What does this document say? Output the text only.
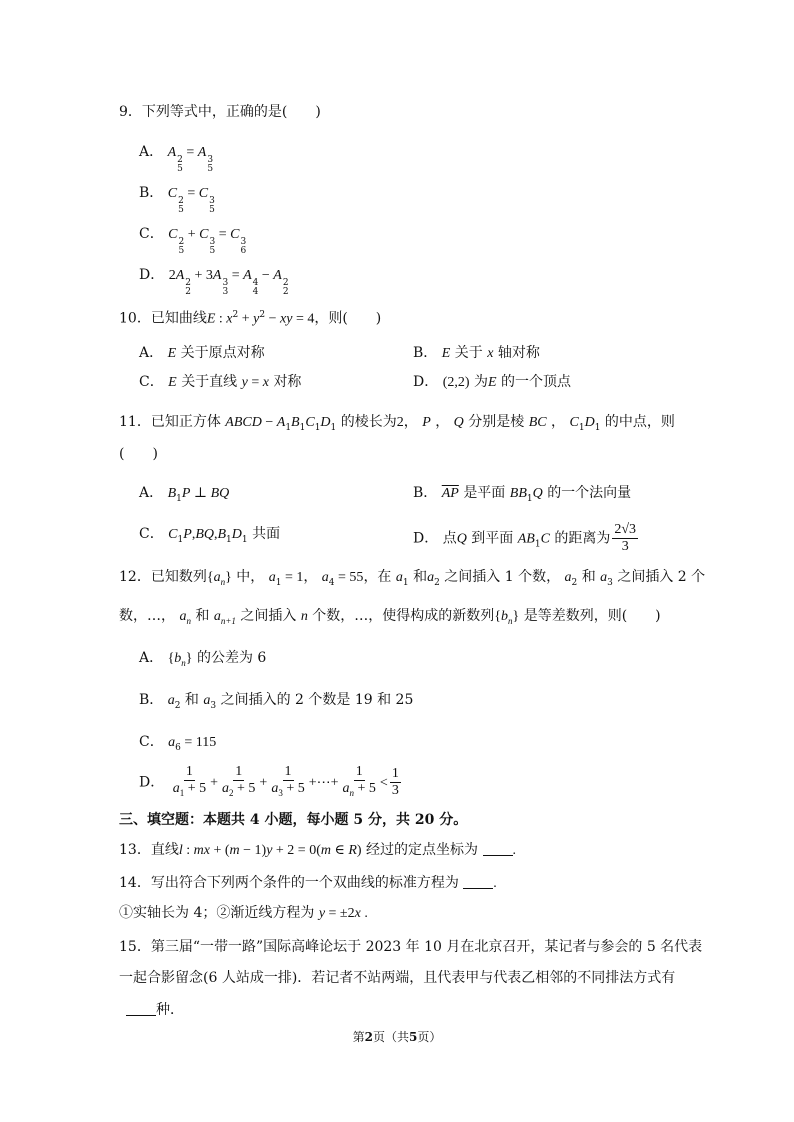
9．下列等式中，正确的是(　　)
A． A 2
5
= A 3
5
B． C 2
5
= C 3
5
C． C 2
5
+ C 3
5
= C 3
6
D． 2A 2
2
+ 3A 3
3
= A 4
4
− A 2
2
10．已知曲线E : $x^2 + y^2$ − xy = 4，则(　　)
A． E 关于原点对称	B． E 关于 x 轴对称
C． E 关于直线 y = x 对称	D． (2,2) 为E 的一个顶点
11．已知正方体 ABCD − $A_1B_1C_1D_1$ 的棱长为2， P ， Q 分别是棱 BC ， $C_1D_1$ 的中点，则
(　　)
A． $B_1P$ ⊥ BQ	B． $\overline{AP}$ 是平面 $BB_1Q$ 的一个法向量
C． $C_1P,BQ,B_1D_1$ 共面	D． 点Q 到平面 $AB_1C$ 的距离为 $\frac{2√3}{3}$
12．已知数列$\{a_n\}$ 中， $a_1 = 1$， $a_4 = 55$，在 $a_1$ 和$a_2$ 之间插入 1 个数， $a_2$ 和 $a_3$ 之间插入 2 个
数，…， $a_n$ 和 $a_{n+1}$ 之间插入 n 个数，…，使得构成的新数列$\{b_n\}$ 是等差数列，则(　　)
A． $\{b_n\}$ 的公差为 6
B． $a_2$ 和 $a_3$ 之间插入的 2 个数是 19 和 25
C． $a_6 = 115$
D． $\frac{1}{a_1 + 5} + \frac{1}{a_2 + 5} + \frac{1}{a_3 + 5}$ +⋯+ $\frac{1}{a_n + 5} < \frac{1}{3}$
三、填空题：本题共 4 小题，每小题 5 分，共 20 分。
13．直线l : mx + (m − 1)y + 2 = 0(m ∈ R) 经过的定点坐标为 .
14．写出符合下列两个条件的一个双曲线的标准方程为 .
①实轴长为 4；②渐近线方程为 y = ±2x .
15．第三届“一带一路”国际高峰论坛于 2023 年 10 月在北京召开，某记者与参会的 5 名代表
一起合影留念(6 人站成一排)．若记者不站两端，且代表甲与代表乙相邻的不同排法方式有
种．
第2页（共5页）
